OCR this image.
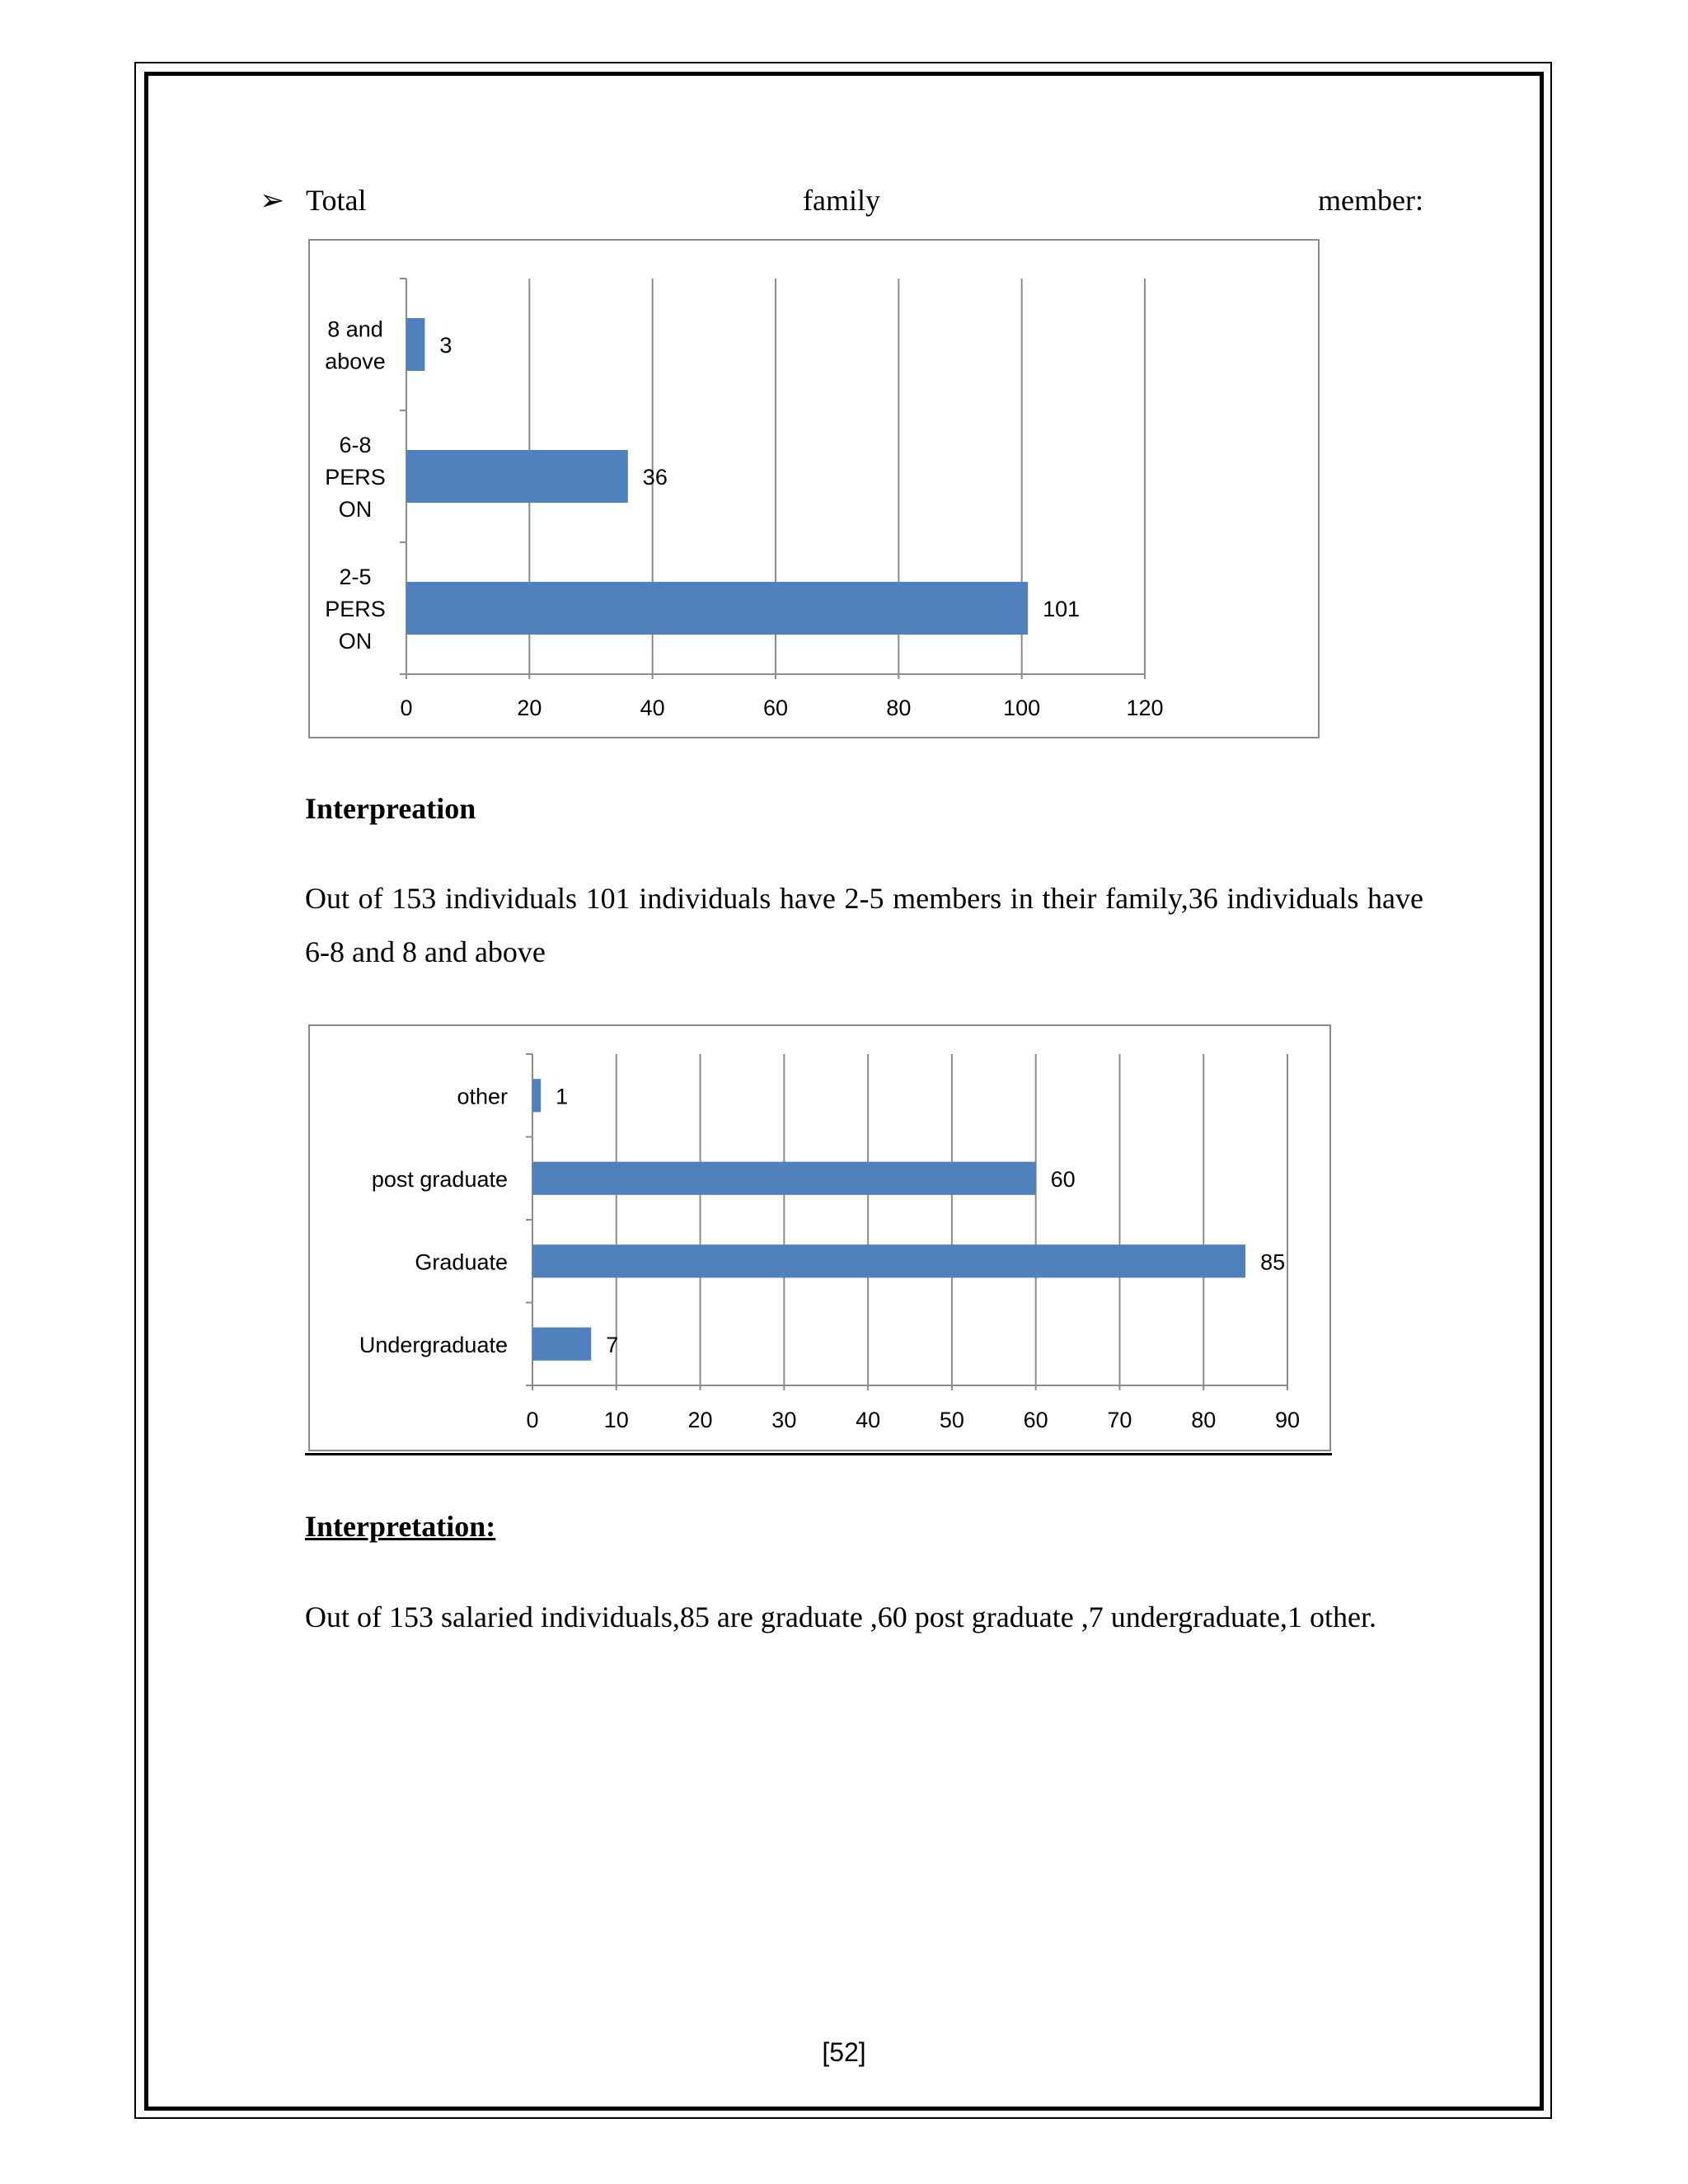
➢ Total	family	member:
0	20	40	60	80	100	120
3
8 and
above
36
6-8
PERS
ON
101
2-5
PERS
ON
Interpreation
Out of 153 individuals 101 individuals have 2-5 members in their family,36 individuals have 6-8 and 8 and above
0	10	20	30	40	50	60	70	80	90
1
other
60
post graduate
85
Graduate
7
Undergraduate
Interpretation:
Out of 153 salaried individuals,85 are graduate ,60 post graduate ,7 undergraduate,1 other.
[52]
